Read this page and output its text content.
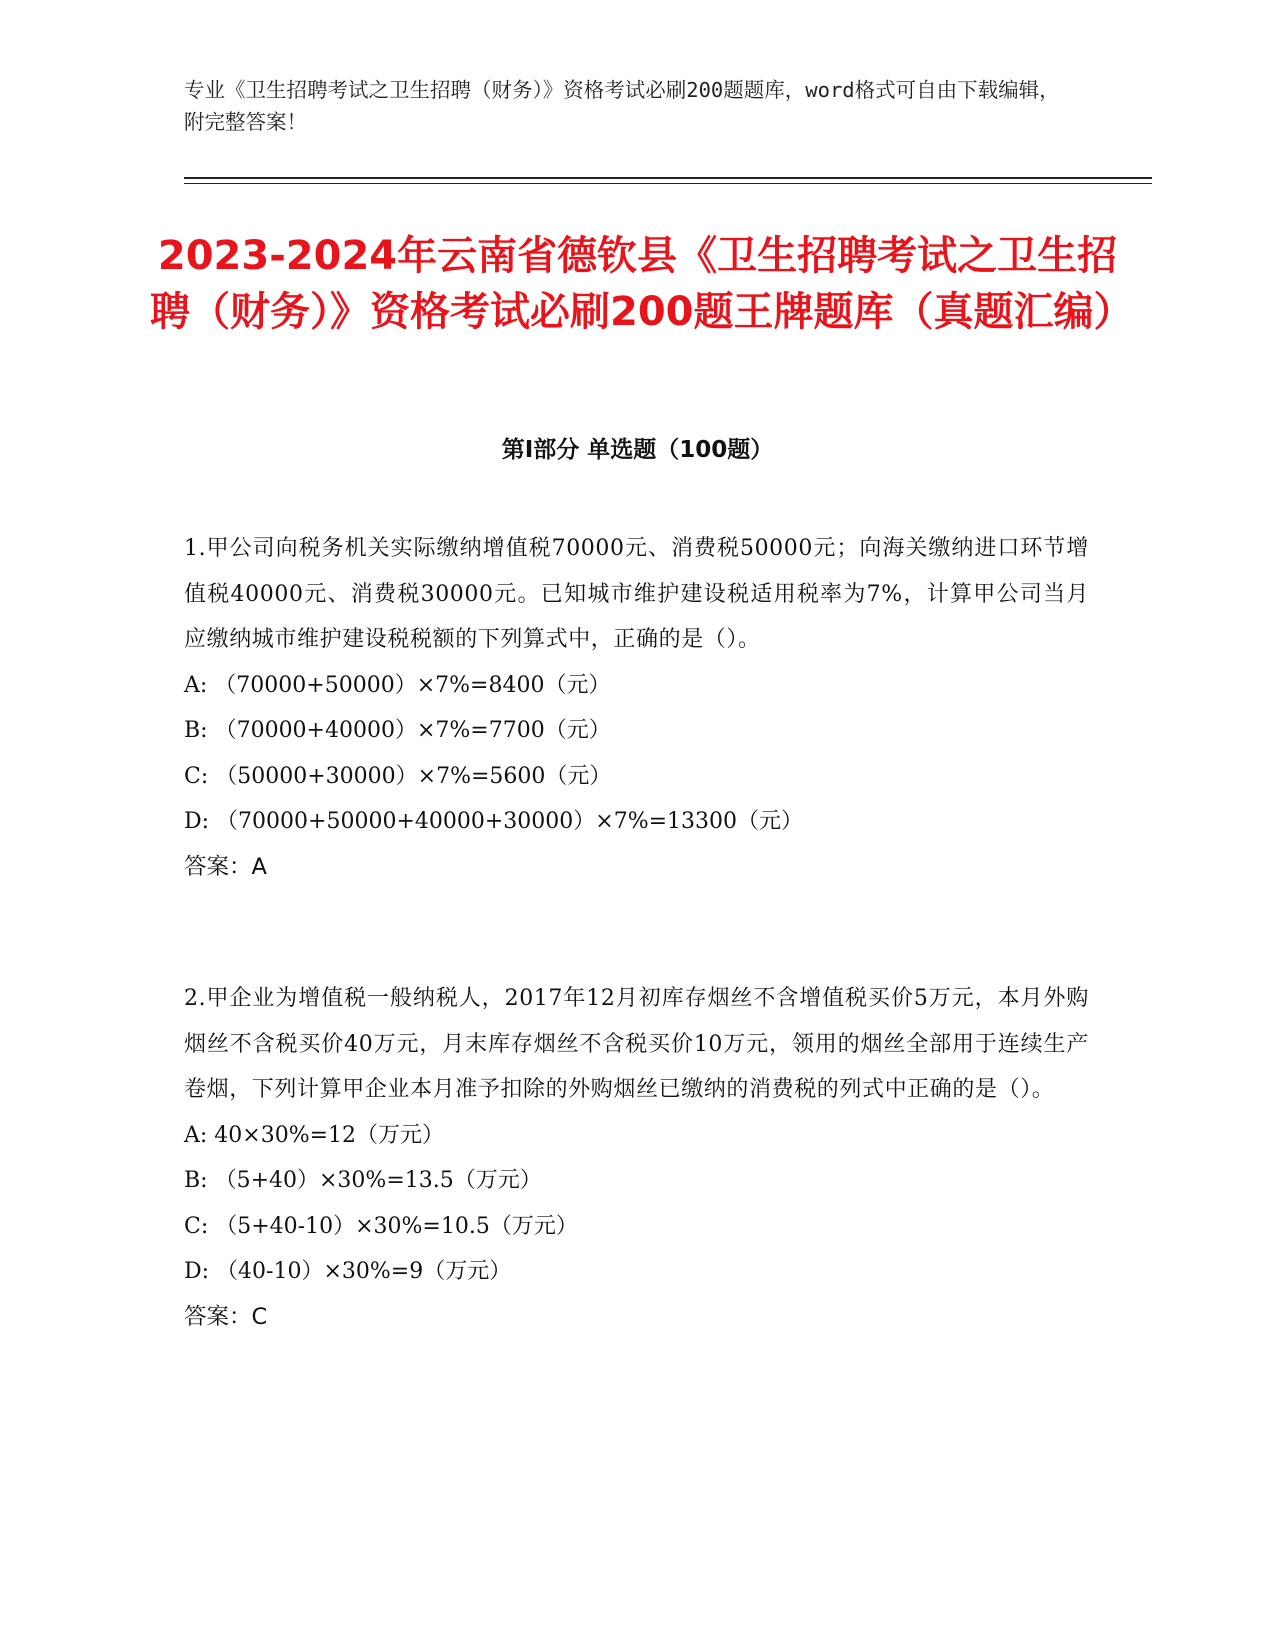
专业《卫生招聘考试之卫生招聘（财务）》资格考试必刷200题题库，word格式可自由下载编辑，附完整答案！
2023-2024年云南省德钦县《卫生招聘考试之卫生招聘（财务）》资格考试必刷200题王牌题库（真题汇编）
第Ⅰ部分 单选题（100题）
1.甲公司向税务机关实际缴纳增值税70000元、消费税50000元；向海关缴纳进口环节增值税40000元、消费税30000元。已知城市维护建设税适用税率为7%，计算甲公司当月应缴纳城市维护建设税税额的下列算式中，正确的是（）。
A: （70000+50000）×7%=8400（元）
B: （70000+40000）×7%=7700（元）
C: （50000+30000）×7%=5600（元）
D: （70000+50000+40000+30000）×7%=13300（元）
答案：A
2.甲企业为增值税一般纳税人，2017年12月初库存烟丝不含增值税买价5万元，本月外购烟丝不含税买价40万元，月末库存烟丝不含税买价10万元，领用的烟丝全部用于连续生产卷烟，下列计算甲企业本月准予扣除的外购烟丝已缴纳的消费税的列式中正确的是（）。
A: 40×30%=12（万元）
B: （5+40）×30%=13.5（万元）
C: （5+40-10）×30%=10.5（万元）
D: （40-10）×30%=9（万元）
答案：C
